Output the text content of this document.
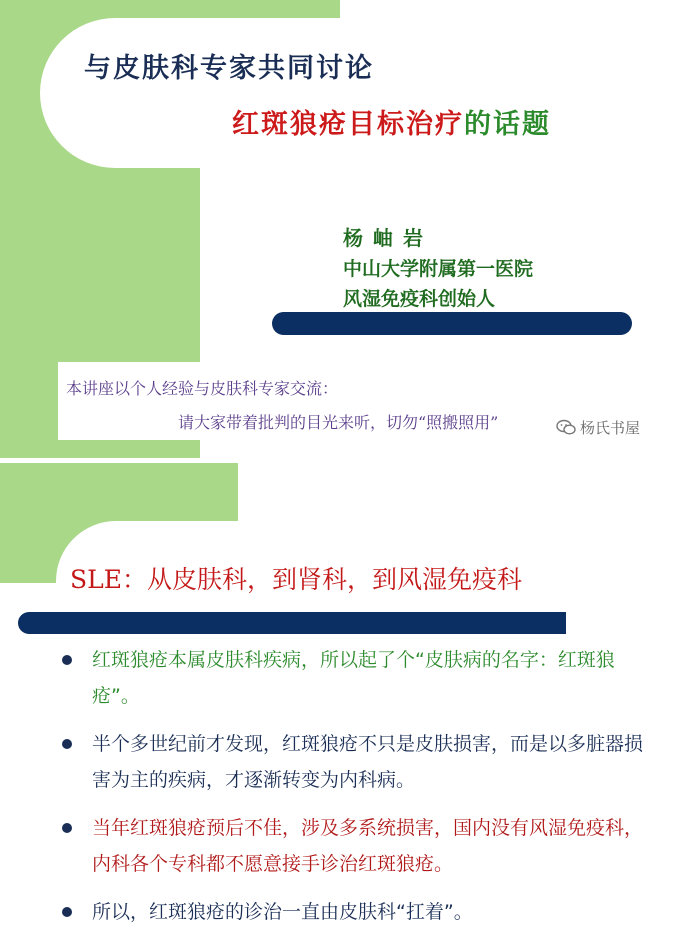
与皮肤科专家共同讨论
红斑狼疮目标治疗的话题
杨岫岩
中山大学附属第一医院
风湿免疫科创始人
本讲座以个人经验与皮肤科专家交流：
请大家带着批判的目光来听，切勿“照搬照用”	杨氏书屋
SLE：从皮肤科，到肾科，到风湿免疫科
红斑狼疮本属皮肤科疾病，所以起了个“皮肤病的名字：红斑狼疮”。
半个多世纪前才发现，红斑狼疮不只是皮肤损害，而是以多脏器损害为主的疾病，才逐渐转变为内科病。
当年红斑狼疮预后不佳，涉及多系统损害，国内没有风湿免疫科，内科各个专科都不愿意接手诊治红斑狼疮。
所以，红斑狼疮的诊治一直由皮肤科“扛着”。
